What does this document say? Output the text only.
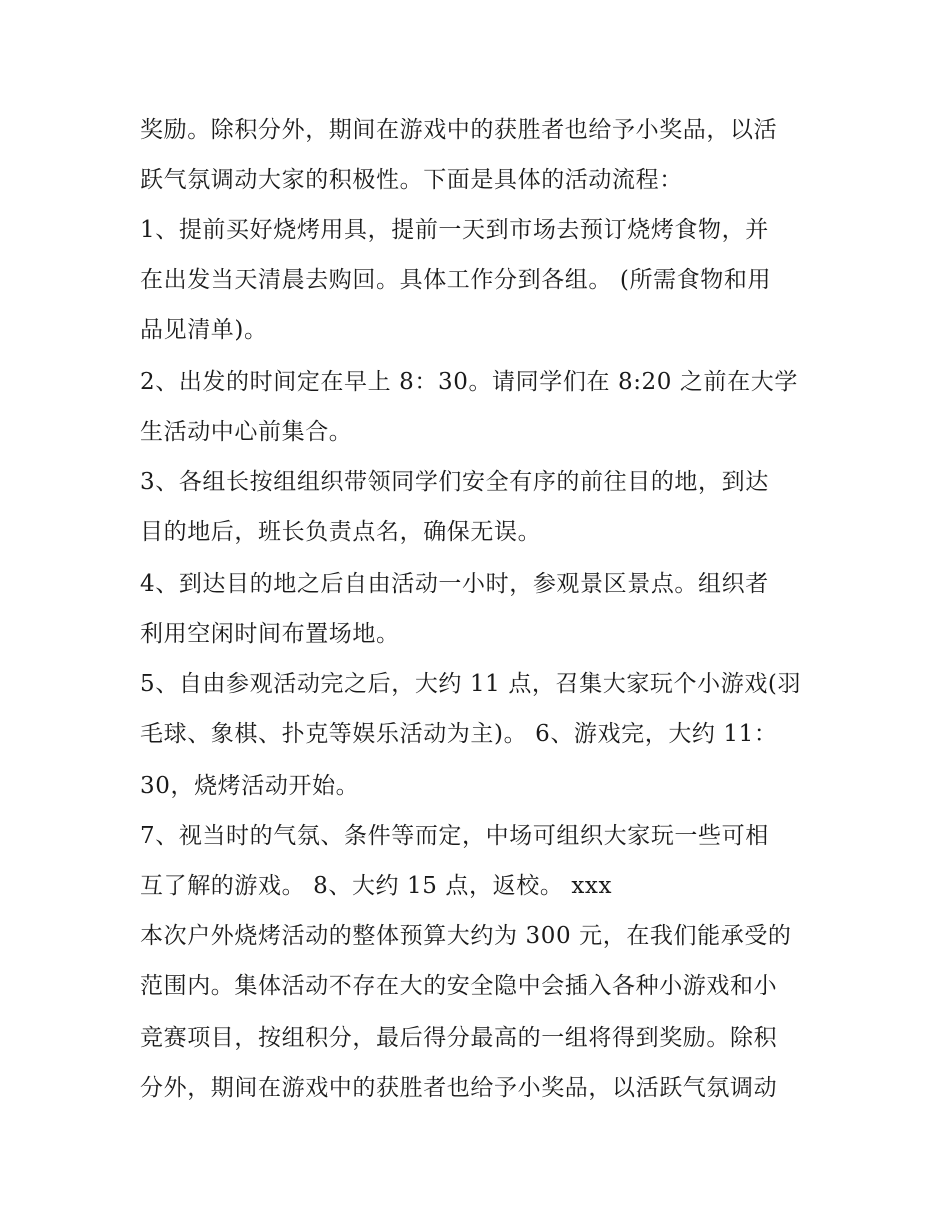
奖励。除积分外，期间在游戏中的获胜者也给予小奖品，以活
跃气氛调动大家的积极性。下面是具体的活动流程：
1、提前买好烧烤用具，提前一天到市场去预订烧烤食物，并
在出发当天清晨去购回。具体工作分到各组。 (所需食物和用
品见清单)。
2、出发的时间定在早上 8：30。请同学们在 8:20 之前在大学
生活动中心前集合。
3、各组长按组组织带领同学们安全有序的前往目的地，到达
目的地后，班长负责点名，确保无误。
4、到达目的地之后自由活动一小时，参观景区景点。组织者
利用空闲时间布置场地。
5、自由参观活动完之后，大约 11 点，召集大家玩个小游戏(羽
毛球、象棋、扑克等娱乐活动为主)。 6、游戏完，大约 11：
30，烧烤活动开始。
7、视当时的气氛、条件等而定，中场可组织大家玩一些可相
互了解的游戏。 8、大约 15 点，返校。 xxx
本次户外烧烤活动的整体预算大约为 300 元，在我们能承受的
范围内。集体活动不存在大的安全隐中会插入各种小游戏和小
竞赛项目，按组积分，最后得分最高的一组将得到奖励。除积
分外，期间在游戏中的获胜者也给予小奖品，以活跃气氛调动
